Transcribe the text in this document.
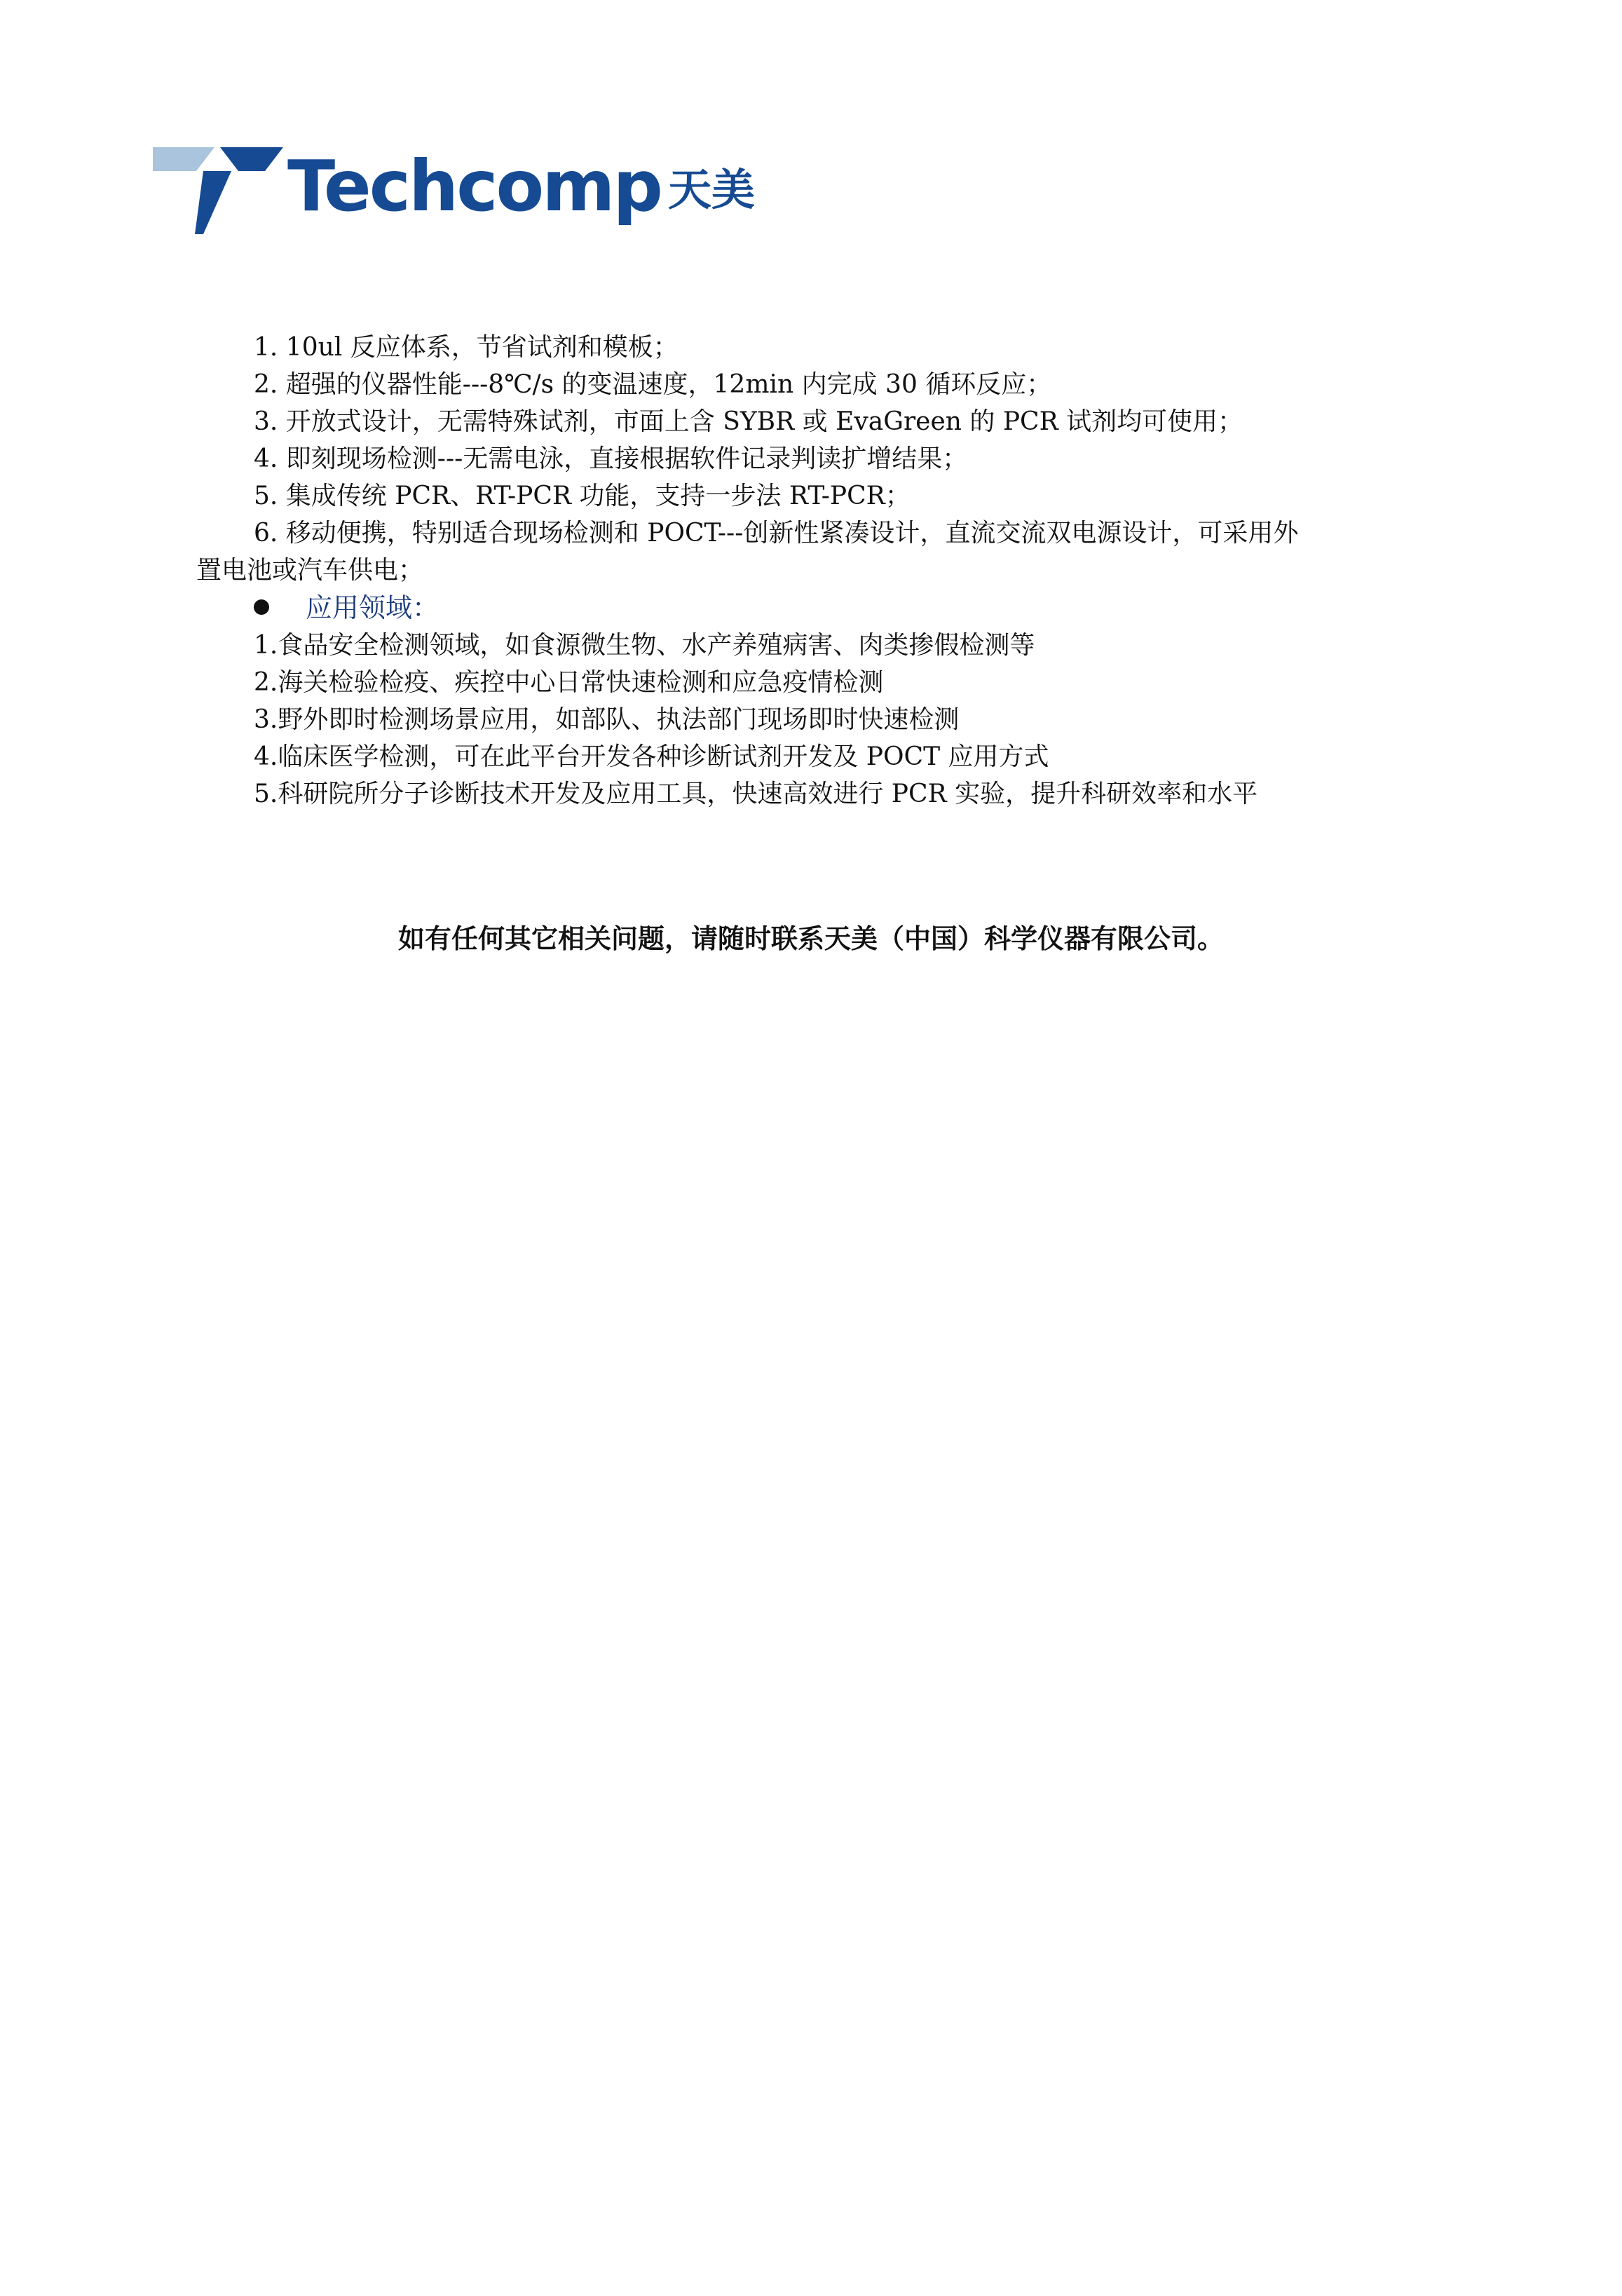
Techcomp 天美
1. 10ul 反应体系，节省试剂和模板；
2. 超强的仪器性能---8℃/s 的变温速度，12min 内完成 30 循环反应；
3. 开放式设计，无需特殊试剂，市面上含 SYBR 或 EvaGreen 的 PCR 试剂均可使用；
4. 即刻现场检测---无需电泳，直接根据软件记录判读扩增结果；
5. 集成传统 PCR、RT-PCR 功能，支持一步法 RT-PCR；
6. 移动便携，特别适合现场检测和 POCT---创新性紧凑设计，直流交流双电源设计，可采用外
置电池或汽车供电；
应用领域：
1.食品安全检测领域，如食源微生物、水产养殖病害、肉类掺假检测等
2.海关检验检疫、疾控中心日常快速检测和应急疫情检测
3.野外即时检测场景应用，如部队、执法部门现场即时快速检测
4.临床医学检测，可在此平台开发各种诊断试剂开发及 POCT 应用方式
5.科研院所分子诊断技术开发及应用工具，快速高效进行 PCR 实验，提升科研效率和水平
如有任何其它相关问题，请随时联系天美（中国）科学仪器有限公司。
